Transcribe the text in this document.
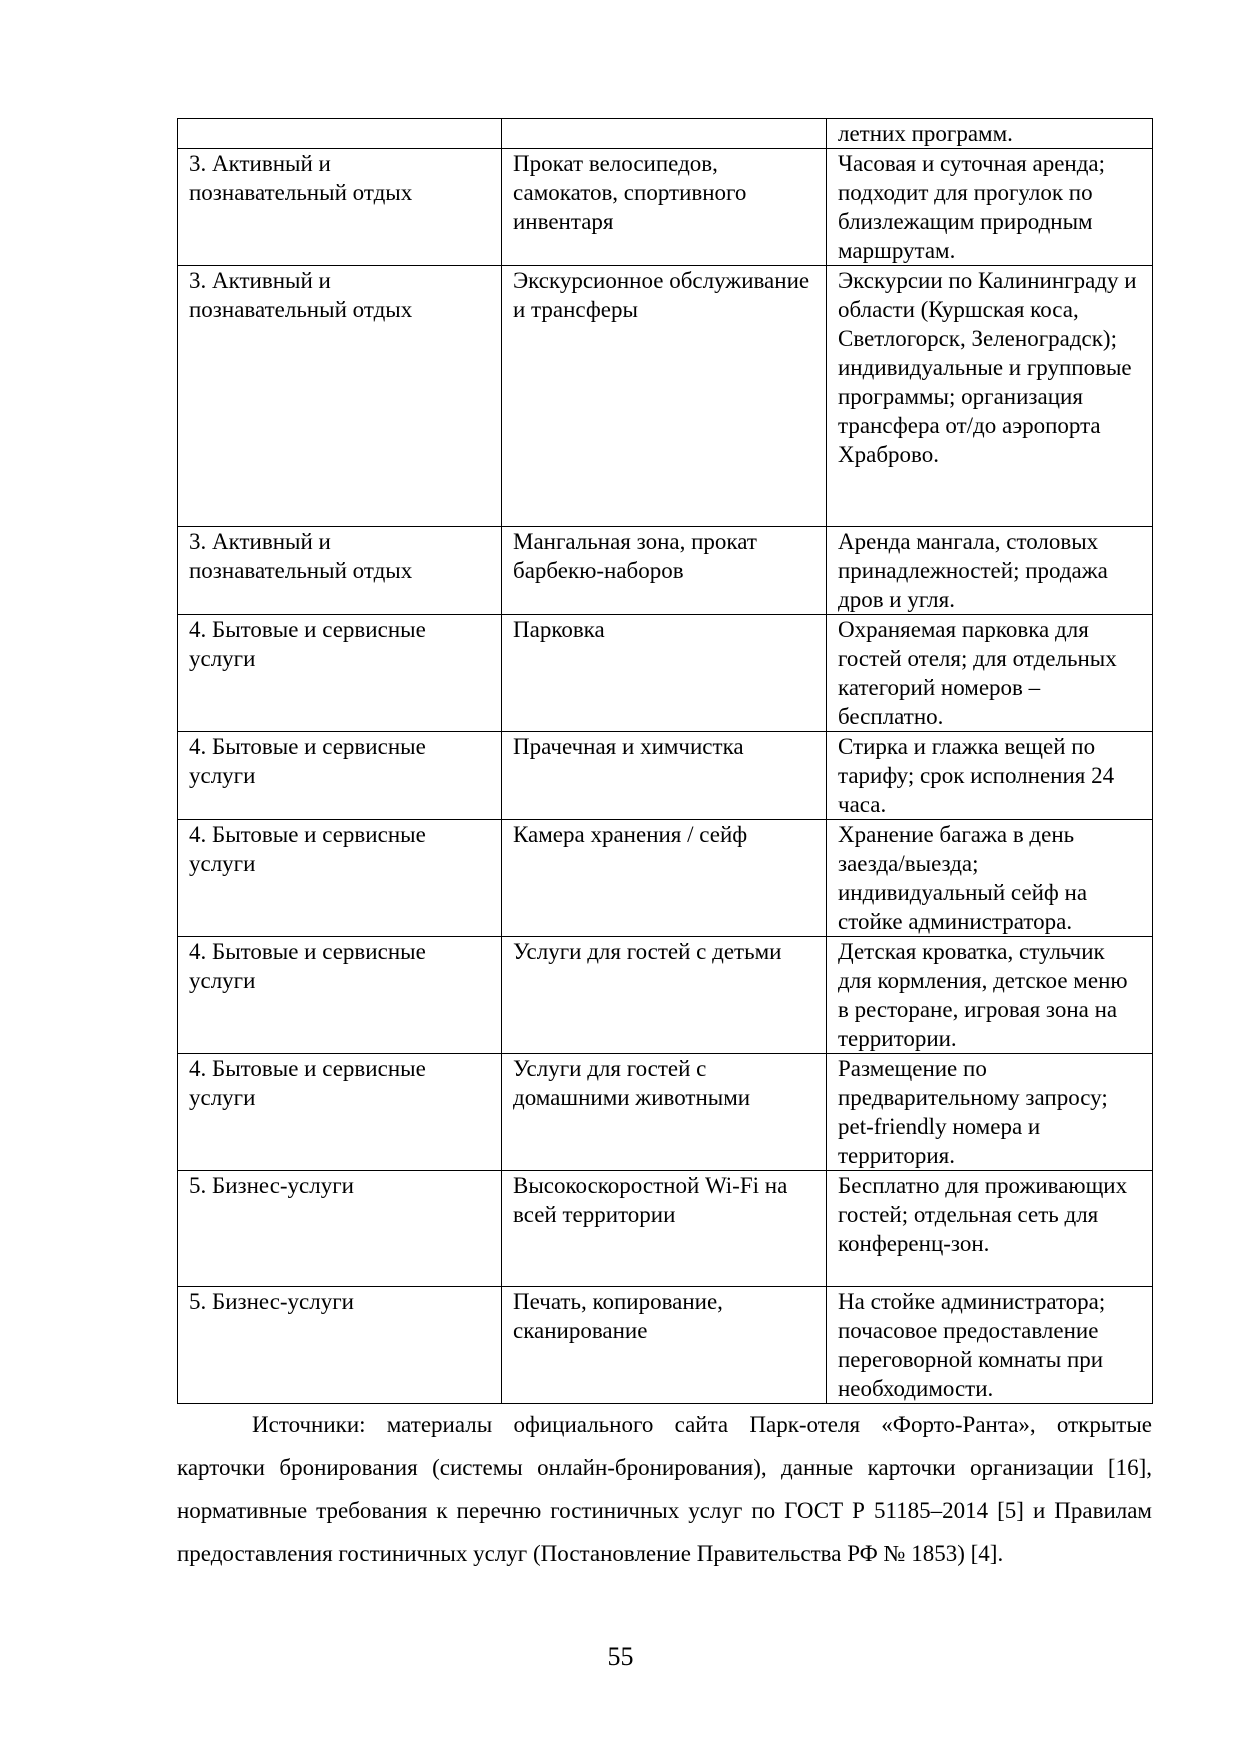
		летних программ.
3. Активный и познавательный отдых	Прокат велосипедов, самокатов, спортивного инвентаря	Часовая и суточная аренда; подходит для прогулок по близлежащим природным маршрутам.
3. Активный и познавательный отдых	Экскурсионное обслуживание и трансферы	Экскурсии по Калининграду и области (Куршская коса, Светлогорск, Зеленоградск); индивидуальные и групповые программы; организация трансфера от/до аэропорта Храброво.
3. Активный и познавательный отдых	Мангальная зона, прокат барбекю-наборов	Аренда мангала, столовых принадлежностей; продажа дров и угля.
4. Бытовые и сервисные услуги	Парковка	Охраняемая парковка для гостей отеля; для отдельных категорий номеров – бесплатно.
4. Бытовые и сервисные услуги	Прачечная и химчистка	Стирка и глажка вещей по тарифу; срок исполнения 24 часа.
4. Бытовые и сервисные услуги	Камера хранения / сейф	Хранение багажа в день заезда/выезда; индивидуальный сейф на стойке администратора.
4. Бытовые и сервисные услуги	Услуги для гостей с детьми	Детская кроватка, стульчик для кормления, детское меню в ресторане, игровая зона на территории.
4. Бытовые и сервисные услуги	Услуги для гостей с домашними животными	Размещение по предварительному запросу; pet-friendly номера и территория.
5. Бизнес-услуги	Высокоскоростной Wi-Fi на всей территории	Бесплатно для проживающих гостей; отдельная сеть для конференц-зон.
5. Бизнес-услуги	Печать, копирование, сканирование	На стойке администратора; почасовое предоставление переговорной комнаты при необходимости.

Источники: материалы официального сайта Парк-отеля «Форто-Ранта», открытые карточки бронирования (системы онлайн-бронирования), данные карточки организации [16], нормативные требования к перечню гостиничных услуг по ГОСТ Р 51185–2014 [5] и Правилам предоставления гостиничных услуг (Постановление Правительства РФ № 1853) [4].

55
